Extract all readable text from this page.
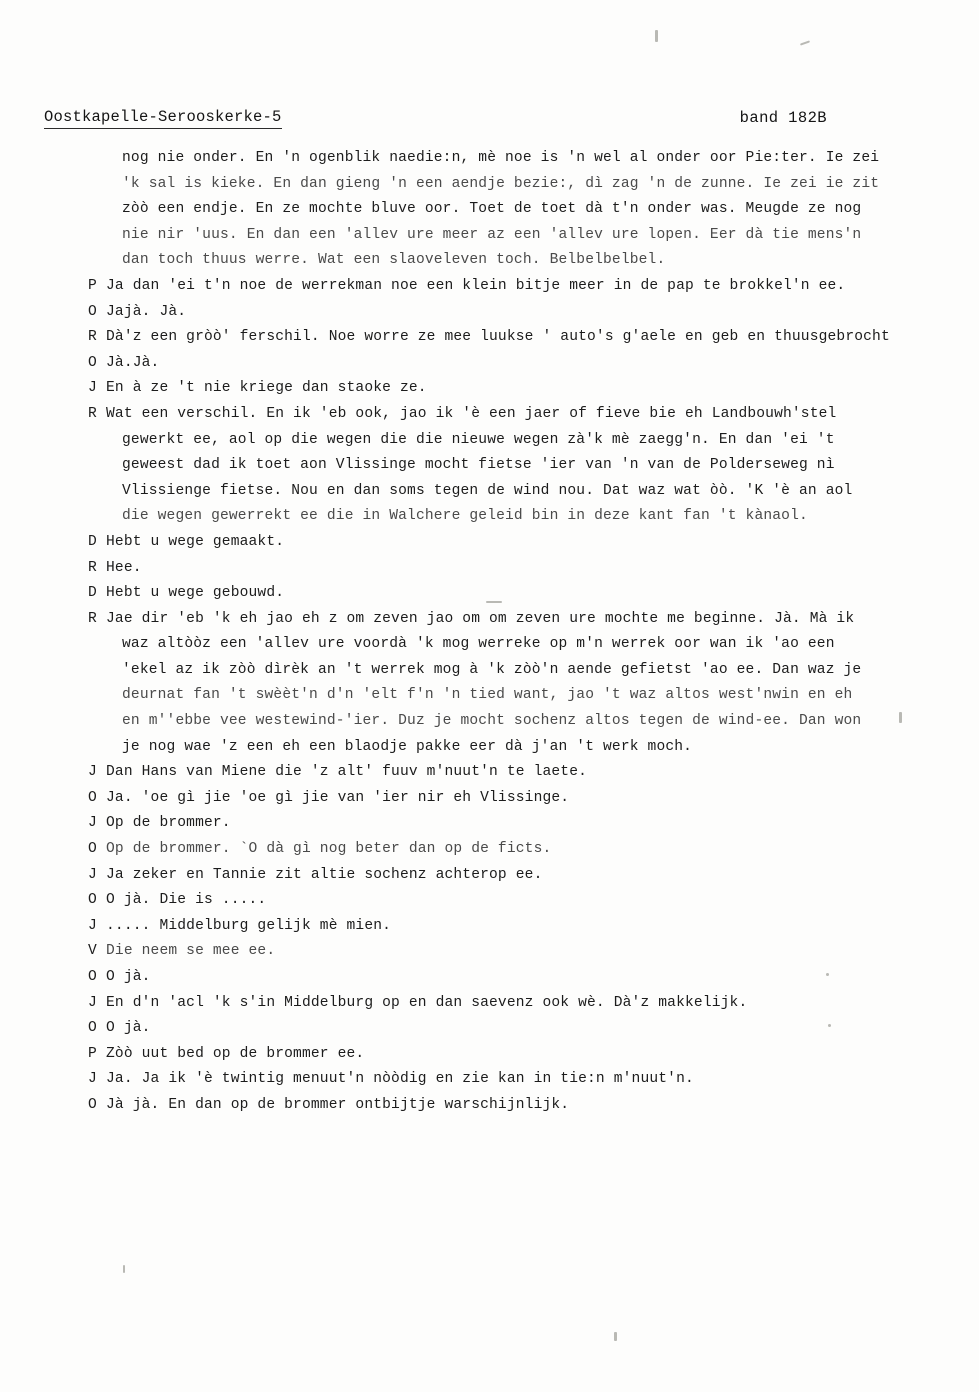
Oostkapelle-Serooskerke-5	band 182B
nog nie onder. En 'n ogenblik naedie:n, mè noe is 'n wel al onder oor Pie:ter. Ie zei
'k sal is kieke. En dan gieng 'n een aendje bezie:, dì zag 'n de zunne. Ie zei ie zit
zòò een endje. En ze mochte bluve oor. Toet de toet dà t'n onder was. Meugde ze nog
nie nir 'uus. En dan een 'allev ure meer az een 'allev ure lopen. Eer dà tie mens'n
dan toch thuus werre. Wat een slaoveleven toch. Belbelbelbel.
P Ja dan 'ei t'n noe de werrekman noe een klein bitje meer in de pap te brokkel'n ee.
O Jajà. Jà.
R Dà'z een gròò' ferschil. Noe worre ze mee luukse ' auto's g'aele en geb en thuusgebrocht
O Jà.Jà.
J En à ze 't nie kriege dan staoke ze.
R Wat een verschil. En ik 'eb ook, jao ik 'è een jaer of fieve bie eh Landbouwh'stel
gewerkt ee, aol op die wegen die die nieuwe wegen zà'k mè zaegg'n. En dan 'ei 't
geweest dad ik toet aon Vlissinge mocht fietse 'ier van 'n van de Polderseweg nì
Vlissienge fietse. Nou en dan soms tegen de wind nou. Dat waz wat òò. 'K 'è an aol
die wegen gewerrekt ee die in Walchere geleid bin in deze kant fan 't kànaol.
D Hebt u wege gemaakt.
R Hee.
D Hebt u wege gebouwd.
R Jae dir 'eb 'k eh jao eh z om zeven jao om om zeven ure mochte me beginne. Jà. Mà ik
waz altòòz een 'allev ure voordà 'k mog werreke op m'n werrek oor wan ik 'ao een
'ekel az ik zòò dìrèk an 't werrek mog à 'k zòò'n aende gefietst 'ao ee. Dan waz je
deurnat fan 't swèèt'n d'n 'elt f'n 'n tied want, jao 't waz altos west'nwin en eh
en m''ebbe vee westewind-'ier. Duz je mocht sochenz altos tegen de wind-ee. Dan won
je nog wae 'z een eh een blaodje pakke eer dà j'an 't werk moch.
J Dan Hans van Miene die 'z alt' fuuv m'nuut'n te laete.
O Ja. 'oe gì jie 'oe gì jie van 'ier nir eh Vlissinge.
J Op de brommer.
O Op de brommer. `O dà gì nog beter dan op de ficts.
J Ja zeker en Tannie zit altie sochenz achterop ee.
O O jà. Die is .....
J ..... Middelburg gelijk mè mien.
V Die neem se mee ee.
O O jà.
J En d'n 'acl 'k s'in Middelburg op en dan saevenz ook wè. Dà'z makkelijk.
O O jà.
P Zòò uut bed op de brommer ee.
J Ja. Ja ik 'è twintig menuut'n nòòdig en zie kan in tie:n m'nuut'n.
O Jà jà. En dan op de brommer ontbijtje warschijnlijk.
